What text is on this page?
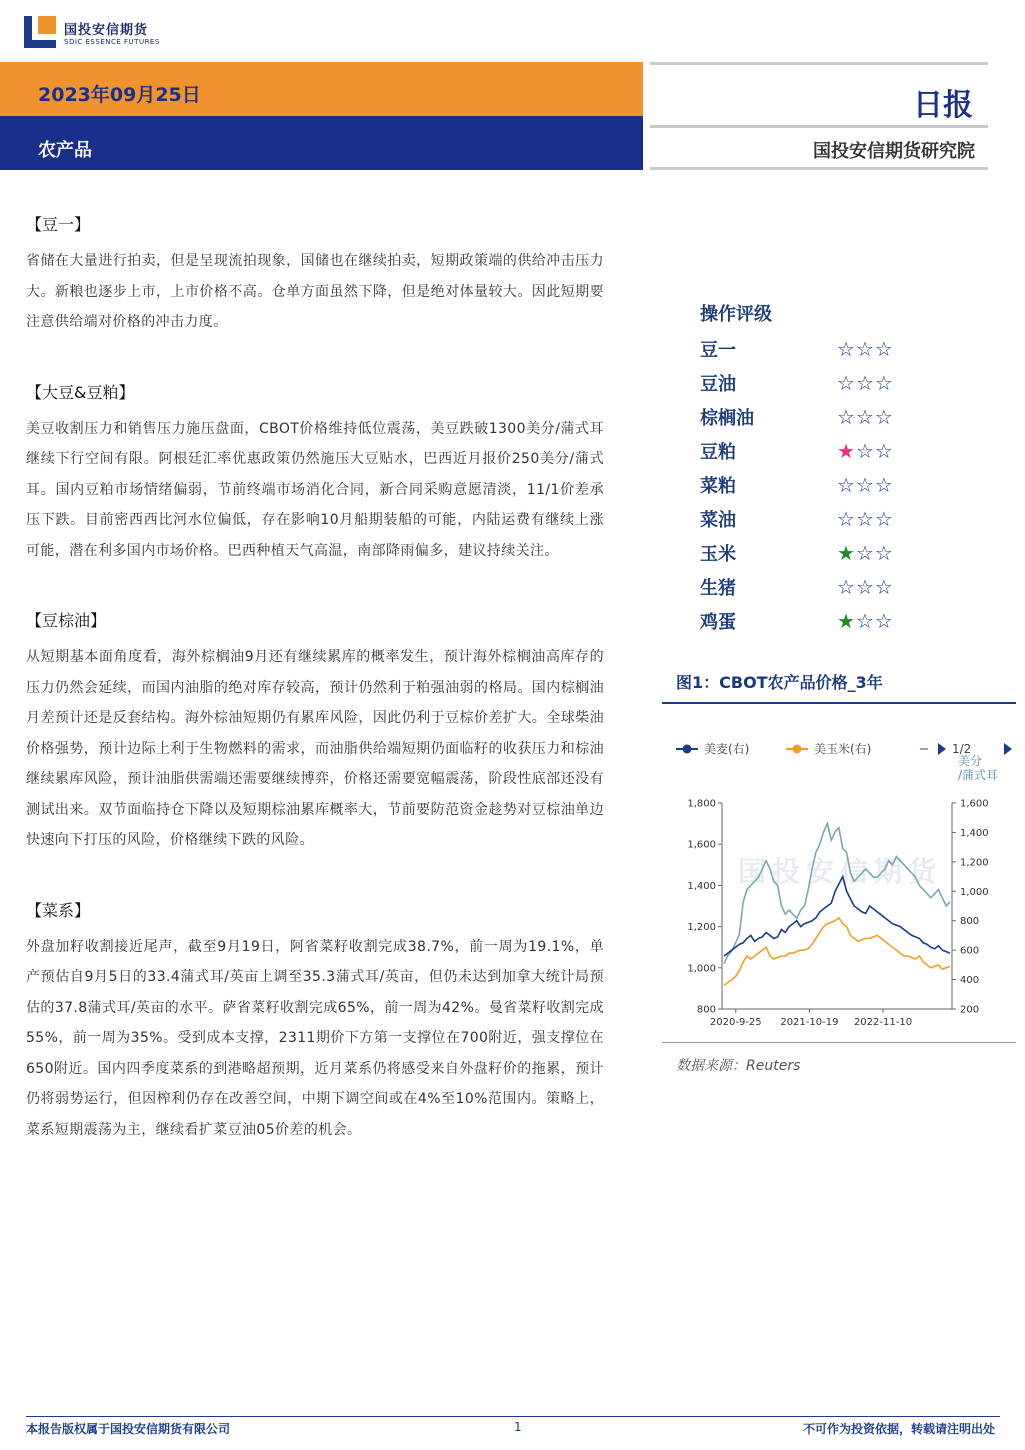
国投安信期货
SDIC ESSENCE FUTURES
2023年09月25日
农产品
日报
国投安信期货研究院
【豆一】
省储在大量进行拍卖，但是呈现流拍现象，国储也在继续拍卖，短期政策端的供给冲击压力大。新粮也逐步上市，上市价格不高。仓单方面虽然下降，但是绝对体量较大。因此短期要注意供给端对价格的冲击力度。
【大豆&豆粕】
美豆收割压力和销售压力施压盘面，CBOT价格维持低位震荡，美豆跌破1300美分/蒲式耳继续下行空间有限。阿根廷汇率优惠政策仍然施压大豆贴水，巴西近月报价250美分/蒲式耳。国内豆粕市场情绪偏弱，节前终端市场消化合同，新合同采购意愿清淡，11/1价差承压下跌。目前密西西比河水位偏低，存在影响10月船期装船的可能，内陆运费有继续上涨可能，潜在利多国内市场价格。巴西种植天气高温，南部降雨偏多，建议持续关注。
【豆棕油】
从短期基本面角度看，海外棕榈油9月还有继续累库的概率发生，预计海外棕榈油高库存的压力仍然会延续，而国内油脂的绝对库存较高，预计仍然利于粕强油弱的格局。国内棕榈油月差预计还是反套结构。海外棕油短期仍有累库风险，因此仍利于豆棕价差扩大。全球柴油价格强势，预计边际上利于生物燃料的需求，而油脂供给端短期仍面临籽的收获压力和棕油继续累库风险，预计油脂供需端还需要继续博弈，价格还需要宽幅震荡，阶段性底部还没有测试出来。双节面临持仓下降以及短期棕油累库概率大，节前要防范资金趁势对豆棕油单边快速向下打压的风险，价格继续下跌的风险。
【菜系】
外盘加籽收割接近尾声，截至9月19日，阿省菜籽收割完成38.7%，前一周为19.1%，单产预估自9月5日的33.4蒲式耳/英亩上调至35.3蒲式耳/英亩，但仍未达到加拿大统计局预估的37.8蒲式耳/英亩的水平。萨省菜籽收割完成65%，前一周为42%。曼省菜籽收割完成55%，前一周为35%。受到成本支撑，2311期价下方第一支撑位在700附近，强支撑位在650附近。国内四季度菜系的到港略超预期，近月菜系仍将感受来自外盘籽价的拖累，预计仍将弱势运行，但因榨利仍存在改善空间，中期下调空间或在4%至10%范围内。策略上，菜系短期震荡为主，继续看扩菜豆油05价差的机会。
操作评级
豆一	☆☆☆
豆油	☆☆☆
棕榈油	☆☆☆
豆粕	★☆☆
菜粕	☆☆☆
菜油	☆☆☆
玉米	★☆☆
生猪	☆☆☆
鸡蛋	★☆☆
图1：CBOT农产品价格_3年
国投安信期货
美麦(右)	美玉米(右)	1/2
美分
/蒲式耳
1,800
1,600
1,400
1,200
1,000
800
1,600
1,400
1,200
1,000
800
600
400
200
2020-9-25 2021-10-19 2022-11-10
数据来源：Reuters
本报告版权属于国投安信期货有限公司	1	不可作为投资依据，转载请注明出处
